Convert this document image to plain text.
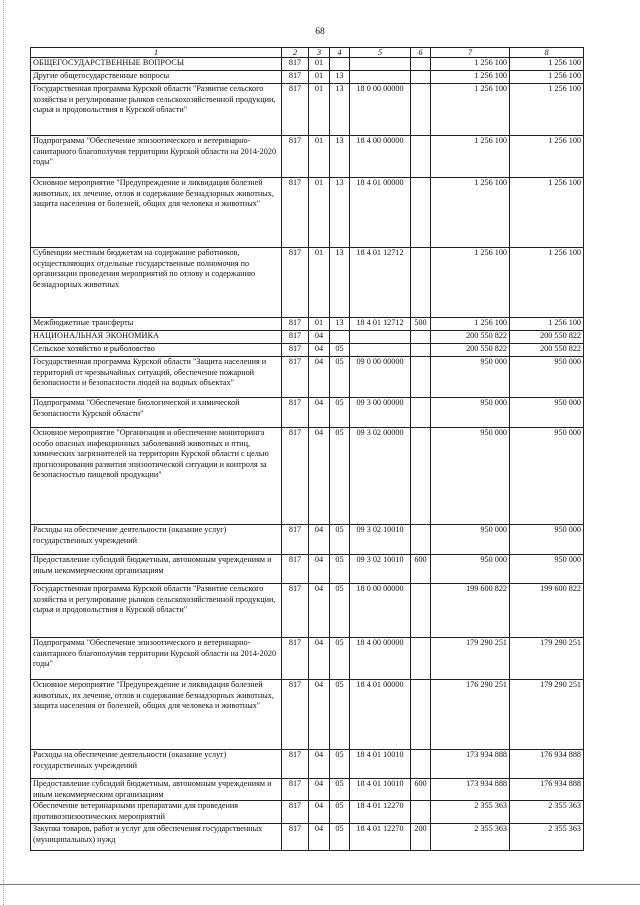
68
1	2	3	4	5	6	7	8
ОБЩЕГОСУДАРСТВЕННЫЕ ВОПРОСЫ	817	01				1 256 100	1 256 100
Другие общегосударственные вопросы	817	01	13			1 256 100	1 256 100
Государственная программа Курской области "Развитие сельского хозяйства и регулирование рынков сельскохозяйственной продукции, сырья и продовольствия в Курской области"	817	01	13	18 0 00 00000		1 256 100	1 256 100
Подпрограмма "Обеспечение эпизоотического и ветеринарно-санитарного благополучия территории Курской области на 2014-2020 годы"	817	01	13	18 4 00 00000		1 256 100	1 256 100
Основное мероприятие "Предупреждение и ликвидация болезней животных, их лечение, отлов и содержание безнадзорных животных, защита населения от болезней, общих для человека и животных"	817	01	13	18 4 01 00000		1 256 100	1 256 100
Субвенции местным бюджетам на содержание работников, осуществляющих отдельные государственные полномочия по организации проведения мероприятий по отлову и содержанию безнадзорных животных	817	01	13	18 4 01 12712		1 256 100	1 256 100
Межбюджетные трансферты	817	01	13	18 4 01 12712	500	1 256 100	1 256 100
НАЦИОНАЛЬНАЯ ЭКОНОМИКА	817	04				200 550 822	200 550 822
Сельское хозяйство и рыболовство	817	04	05			200 550 822	200 550 822
Государственная программа Курской области "Защита населения и территорий от чрезвычайных ситуаций, обеспечение пожарной безопасности и безопасности людей на водных объектах"	817	04	05	09 0 00 00000		950 000	950 000
Подпрограмма "Обеспечение биологической и химической безопасности Курской области"	817	04	05	09 3 00 00000		950 000	950 000
Основное мероприятие "Организация и обеспечение мониторинга особо опасных инфекционных заболеваний животных и птиц, химических загрязнителей на территории Курской области с целью прогнозирования развития эпизоотической ситуации и контроля за безопасностью пищевой продукции"	817	04	05	09 3 02 00000		950 000	950 000
Расходы на обеспечение деятельности (оказание услуг) государственных учреждений	817	04	05	09 3 02 10010		950 000	950 000
Предоставление субсидий бюджетным, автономным учреждениям и иным некоммерческим организациям	817	04	05	09 3 02 10010	600	950 000	950 000
Государственная программа Курской области "Развитие сельского хозяйства и регулирование рынков сельскохозяйственной продукции, сырья и продовольствия в Курской области"	817	04	05	18 0 00 00000		199 600 822	199 600 822
Подпрограмма "Обеспечение эпизоотического и ветеринарно-санитарного благополучия территории Курской области на 2014-2020 годы"	817	04	05	18 4 00 00000		179 290 251	179 290 251
Основное мероприятие "Предупреждение и ликвидация болезней животных, их лечение, отлов и содержание безнадзорных животных, защита населения от болезней, общих для человека и животных"	817	04	05	18 4 01 00000		176 290 251	179 290 251
Расходы на обеспечение деятельности (оказание услуг) государственных учреждений	817	04	05	18 4 01 10010		173 934 888	176 934 888
Предоставление субсидий бюджетным, автономным учреждениям и иным некоммерческим организациям	817	04	05	18 4 01 10010	600	173 934 888	176 934 888
Обеспечение ветеринарными препаратами для проведения противоэпизоотических мероприятий	817	04	05	18 4 01 12270		2 355 363	2 355 363
Закупка товаров, работ и услуг для обеспечения государственных (муниципальных) нужд	817	04	05	18 4 01 12270	200	2 355 363	2 355 363
